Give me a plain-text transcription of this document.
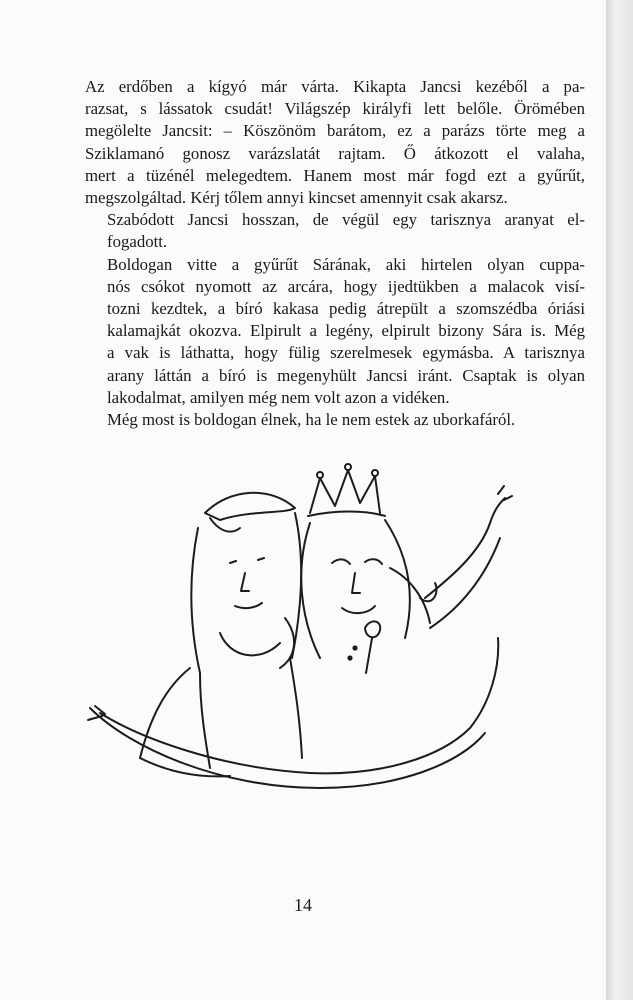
Az erdőben a kígyó már várta. Kikapta Jancsi kezéből a pa-
razsat, s lássatok csudát! Világszép királyfi lett belőle. Örömében
megölelte Jancsit: – Köszönöm barátom, ez a parázs törte meg a
Sziklamanó gonosz varázslatát rajtam. Ő átkozott el valaha,
mert a tüzénél melegedtem. Hanem most már fogd ezt a gyűrűt,
megszolgáltad. Kérj tőlem annyi kincset amennyit csak akarsz.

Szabódott Jancsi hosszan, de végül egy tarisznya aranyat el-
fogadott.

Boldogan vitte a gyűrűt Sárának, aki hirtelen olyan cuppa-
nós csókot nyomott az arcára, hogy ijedtükben a malacok visí-
tozni kezdtek, a bíró kakasa pedig átrepült a szomszédba óriási
kalamajkát okozva. Elpirult a legény, elpirult bizony Sára is. Még
a vak is láthatta, hogy fülig szerelmesek egymásba. A tarisznya
arany láttán a bíró is megenyhült Jancsi iránt. Csaptak is olyan
lakodalmat, amilyen még nem volt azon a vidéken.

Még most is boldogan élnek, ha le nem estek az uborkafáról.

14
